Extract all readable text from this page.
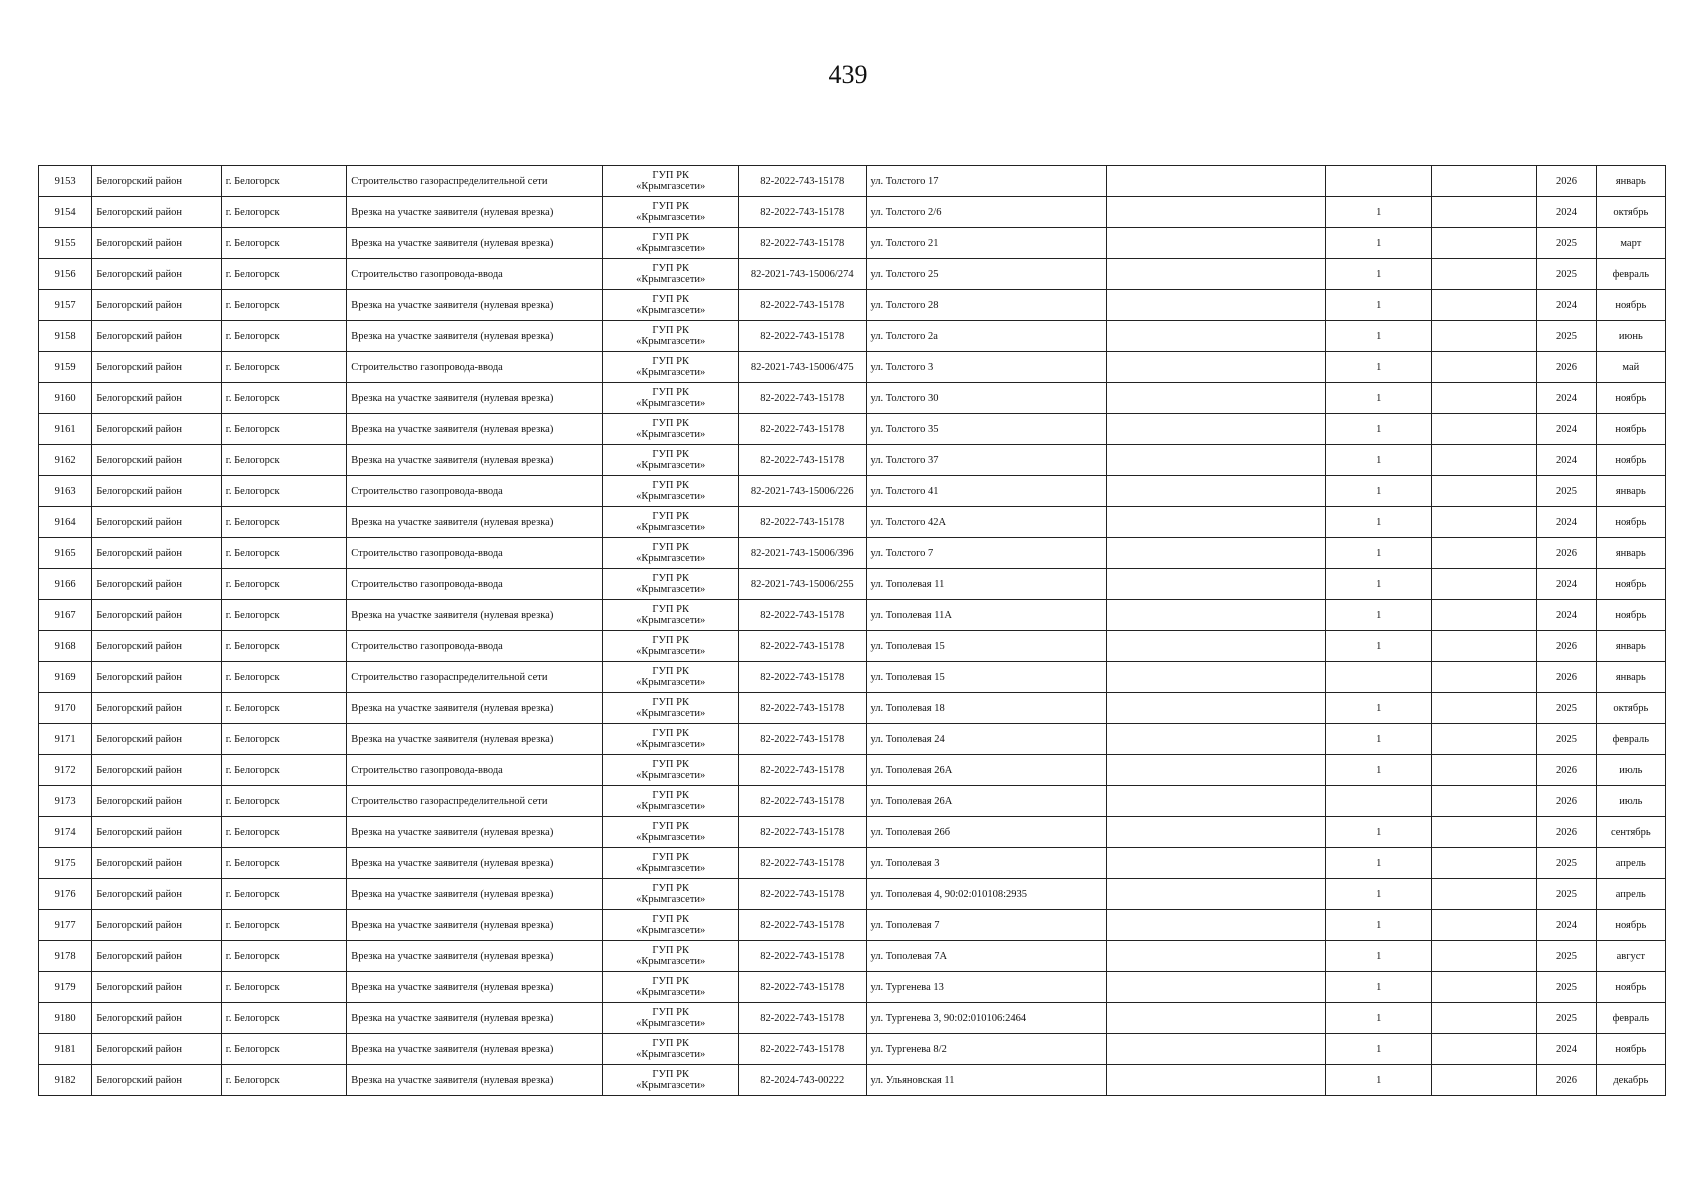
439
9153	Белогорский район	г. Белогорск	Строительство газораспределительной сети	ГУП РК
«Крымгазсети»	82-2022-743-15178	ул. Толстого 17				2026	январь
9154	Белогорский район	г. Белогорск	Врезка на участке заявителя (нулевая врезка)	ГУП РК
«Крымгазсети»	82-2022-743-15178	ул. Толстого 2/6		1		2024	октябрь
9155	Белогорский район	г. Белогорск	Врезка на участке заявителя (нулевая врезка)	ГУП РК
«Крымгазсети»	82-2022-743-15178	ул. Толстого 21		1		2025	март
9156	Белогорский район	г. Белогорск	Строительство газопровода-ввода	ГУП РК
«Крымгазсети»	82-2021-743-15006/274	ул. Толстого 25		1		2025	февраль
9157	Белогорский район	г. Белогорск	Врезка на участке заявителя (нулевая врезка)	ГУП РК
«Крымгазсети»	82-2022-743-15178	ул. Толстого 28		1		2024	ноябрь
9158	Белогорский район	г. Белогорск	Врезка на участке заявителя (нулевая врезка)	ГУП РК
«Крымгазсети»	82-2022-743-15178	ул. Толстого 2а		1		2025	июнь
9159	Белогорский район	г. Белогорск	Строительство газопровода-ввода	ГУП РК
«Крымгазсети»	82-2021-743-15006/475	ул. Толстого 3		1		2026	май
9160	Белогорский район	г. Белогорск	Врезка на участке заявителя (нулевая врезка)	ГУП РК
«Крымгазсети»	82-2022-743-15178	ул. Толстого 30		1		2024	ноябрь
9161	Белогорский район	г. Белогорск	Врезка на участке заявителя (нулевая врезка)	ГУП РК
«Крымгазсети»	82-2022-743-15178	ул. Толстого 35		1		2024	ноябрь
9162	Белогорский район	г. Белогорск	Врезка на участке заявителя (нулевая врезка)	ГУП РК
«Крымгазсети»	82-2022-743-15178	ул. Толстого 37		1		2024	ноябрь
9163	Белогорский район	г. Белогорск	Строительство газопровода-ввода	ГУП РК
«Крымгазсети»	82-2021-743-15006/226	ул. Толстого 41		1		2025	январь
9164	Белогорский район	г. Белогорск	Врезка на участке заявителя (нулевая врезка)	ГУП РК
«Крымгазсети»	82-2022-743-15178	ул. Толстого 42А		1		2024	ноябрь
9165	Белогорский район	г. Белогорск	Строительство газопровода-ввода	ГУП РК
«Крымгазсети»	82-2021-743-15006/396	ул. Толстого 7		1		2026	январь
9166	Белогорский район	г. Белогорск	Строительство газопровода-ввода	ГУП РК
«Крымгазсети»	82-2021-743-15006/255	ул. Тополевая 11		1		2024	ноябрь
9167	Белогорский район	г. Белогорск	Врезка на участке заявителя (нулевая врезка)	ГУП РК
«Крымгазсети»	82-2022-743-15178	ул. Тополевая 11А		1		2024	ноябрь
9168	Белогорский район	г. Белогорск	Строительство газопровода-ввода	ГУП РК
«Крымгазсети»	82-2022-743-15178	ул. Тополевая 15		1		2026	январь
9169	Белогорский район	г. Белогорск	Строительство газораспределительной сети	ГУП РК
«Крымгазсети»	82-2022-743-15178	ул. Тополевая 15				2026	январь
9170	Белогорский район	г. Белогорск	Врезка на участке заявителя (нулевая врезка)	ГУП РК
«Крымгазсети»	82-2022-743-15178	ул. Тополевая 18		1		2025	октябрь
9171	Белогорский район	г. Белогорск	Врезка на участке заявителя (нулевая врезка)	ГУП РК
«Крымгазсети»	82-2022-743-15178	ул. Тополевая 24		1		2025	февраль
9172	Белогорский район	г. Белогорск	Строительство газопровода-ввода	ГУП РК
«Крымгазсети»	82-2022-743-15178	ул. Тополевая 26А		1		2026	июль
9173	Белогорский район	г. Белогорск	Строительство газораспределительной сети	ГУП РК
«Крымгазсети»	82-2022-743-15178	ул. Тополевая 26А				2026	июль
9174	Белогорский район	г. Белогорск	Врезка на участке заявителя (нулевая врезка)	ГУП РК
«Крымгазсети»	82-2022-743-15178	ул. Тополевая 26б		1		2026	сентябрь
9175	Белогорский район	г. Белогорск	Врезка на участке заявителя (нулевая врезка)	ГУП РК
«Крымгазсети»	82-2022-743-15178	ул. Тополевая 3		1		2025	апрель
9176	Белогорский район	г. Белогорск	Врезка на участке заявителя (нулевая врезка)	ГУП РК
«Крымгазсети»	82-2022-743-15178	ул. Тополевая 4, 90:02:010108:2935		1		2025	апрель
9177	Белогорский район	г. Белогорск	Врезка на участке заявителя (нулевая врезка)	ГУП РК
«Крымгазсети»	82-2022-743-15178	ул. Тополевая 7		1		2024	ноябрь
9178	Белогорский район	г. Белогорск	Врезка на участке заявителя (нулевая врезка)	ГУП РК
«Крымгазсети»	82-2022-743-15178	ул. Тополевая 7А		1		2025	август
9179	Белогорский район	г. Белогорск	Врезка на участке заявителя (нулевая врезка)	ГУП РК
«Крымгазсети»	82-2022-743-15178	ул. Тургенева 13		1		2025	ноябрь
9180	Белогорский район	г. Белогорск	Врезка на участке заявителя (нулевая врезка)	ГУП РК
«Крымгазсети»	82-2022-743-15178	ул. Тургенева 3, 90:02:010106:2464		1		2025	февраль
9181	Белогорский район	г. Белогорск	Врезка на участке заявителя (нулевая врезка)	ГУП РК
«Крымгазсети»	82-2022-743-15178	ул. Тургенева 8/2		1		2024	ноябрь
9182	Белогорский район	г. Белогорск	Врезка на участке заявителя (нулевая врезка)	ГУП РК
«Крымгазсети»	82-2024-743-00222	ул. Ульяновская 11		1		2026	декабрь
